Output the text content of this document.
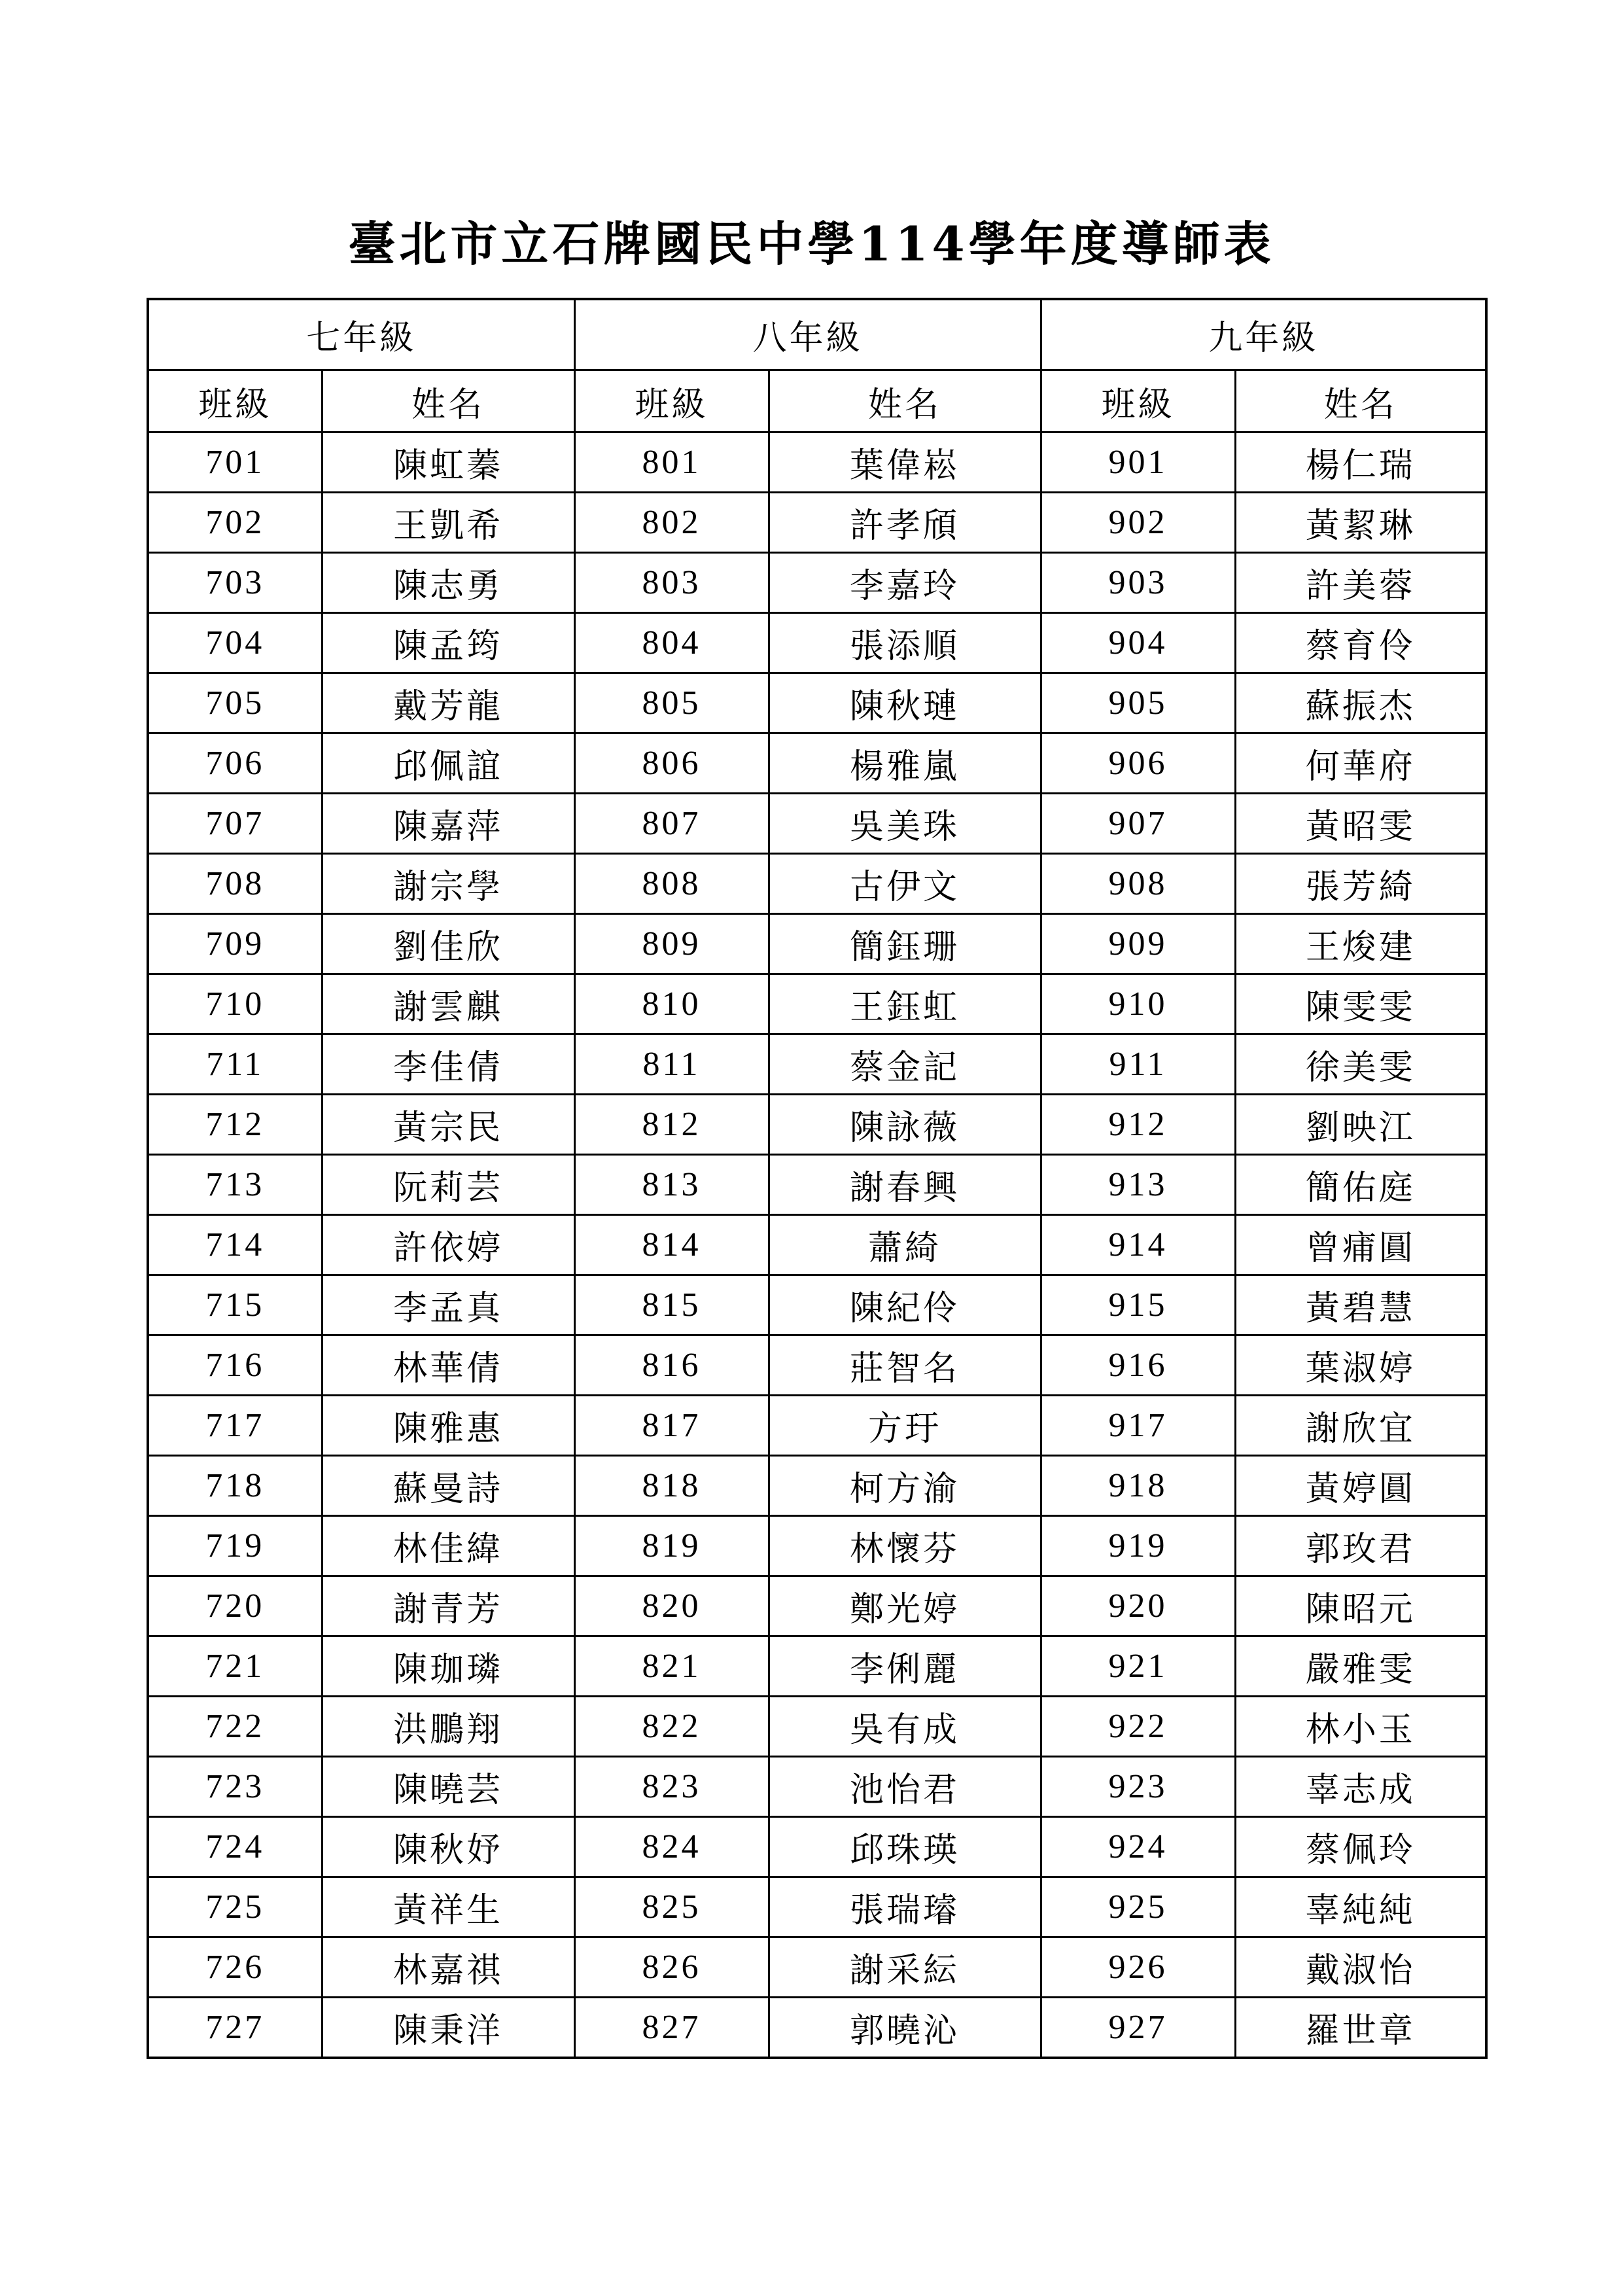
臺北市立石牌國民中學114學年度導師表
七年級		八年級		九年級	
班級	姓名	班級	姓名	班級	姓名
701	陳虹蓁	801	葉偉崧	901	楊仁瑞
702	王凱希	802	許孝頎	902	黃絜琳
703	陳志勇	803	李嘉玲	903	許美蓉
704	陳孟筠	804	張添順	904	蔡育伶
705	戴芳龍	805	陳秋璉	905	蘇振杰
706	邱佩誼	806	楊雅嵐	906	何華府
707	陳嘉萍	807	吳美珠	907	黃昭雯
708	謝宗學	808	古伊文	908	張芳綺
709	劉佳欣	809	簡鈺珊	909	王焌建
710	謝雲麒	810	王鈺虹	910	陳雯雯
711	李佳倩	811	蔡金記	911	徐美雯
712	黃宗民	812	陳詠薇	912	劉映江
713	阮莉芸	813	謝春興	913	簡佑庭
714	許依婷	814	蕭綺	914	曾痡圓
715	李孟真	815	陳紀伶	915	黃碧慧
716	林華倩	816	莊智名	916	葉淑婷
717	陳雅惠	817	方玗	917	謝欣宜
718	蘇曼詩	818	柯方渝	918	黃婷圓
719	林佳緯	819	林懷芬	919	郭玫君
720	謝青芳	820	鄭光婷	920	陳昭元
721	陳珈璘	821	李俐麗	921	嚴雅雯
722	洪鵬翔	822	吳有成	922	林小玉
723	陳曉芸	823	池怡君	923	辜志成
724	陳秋妤	824	邱珠瑛	924	蔡佩玲
725	黃祥生	825	張瑞璿	925	辜純純
726	林嘉祺	826	謝采紜	926	戴淑怡
727	陳秉洋	827	郭曉沁	927	羅世章
